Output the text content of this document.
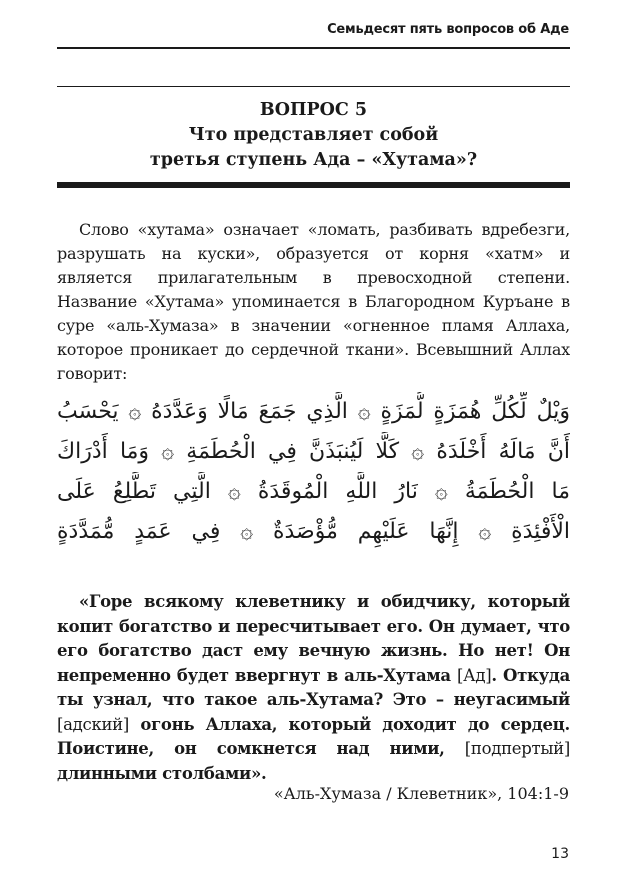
Семьдесят пять вопросов об Аде
ВОПРОС 5
Что представляет собой
третья ступень Ада – «Хутама»?

Слово «хутама» означает «ломать, разбивать вдребезги, разрушать на куски», образуется от корня «хатм» и является прилагательным в превосходной степени. Название «Хутама» упоминается в Благородном Куръане в суре «аль-Хумаза» в значении «огненное пламя Аллаха, которое проникает до сердечной ткани». Всевышний Аллах говорит:

وَيْلٌ لِّكُلِّ هُمَزَةٍ لُّمَزَةٍ ۞ الَّذِي جَمَعَ مَالًا وَعَدَّدَهُ ۞ يَحْسَبُ
أَنَّ مَالَهُ أَخْلَدَهُ ۞ كَلَّا لَيُنبَذَنَّ فِي الْحُطَمَةِ ۞ وَمَا أَدْرَاكَ
مَا الْحُطَمَةُ ۞ نَارُ اللَّهِ الْمُوقَدَةُ ۞ الَّتِي تَطَّلِعُ عَلَى
الْأَفْئِدَةِ ۞ إِنَّهَا عَلَيْهِم مُّؤْصَدَةٌ ۞ فِي عَمَدٍ مُّمَدَّدَةٍ

«Горе всякому клеветнику и обидчику, который копит богатство и пересчитывает его. Он думает, что его богатство даст ему вечную жизнь. Но нет! Он непременно будет ввергнут в аль-Хутама [Ад]. Откуда ты узнал, что такое аль-Хутама? Это – неугасимый [адский] огонь Аллаха, который доходит до сердец. Поистине, он сомкнется над ними, [подпертый] длинными столбами».

«Аль-Хумаза / Клеветник», 104:1-9
13
